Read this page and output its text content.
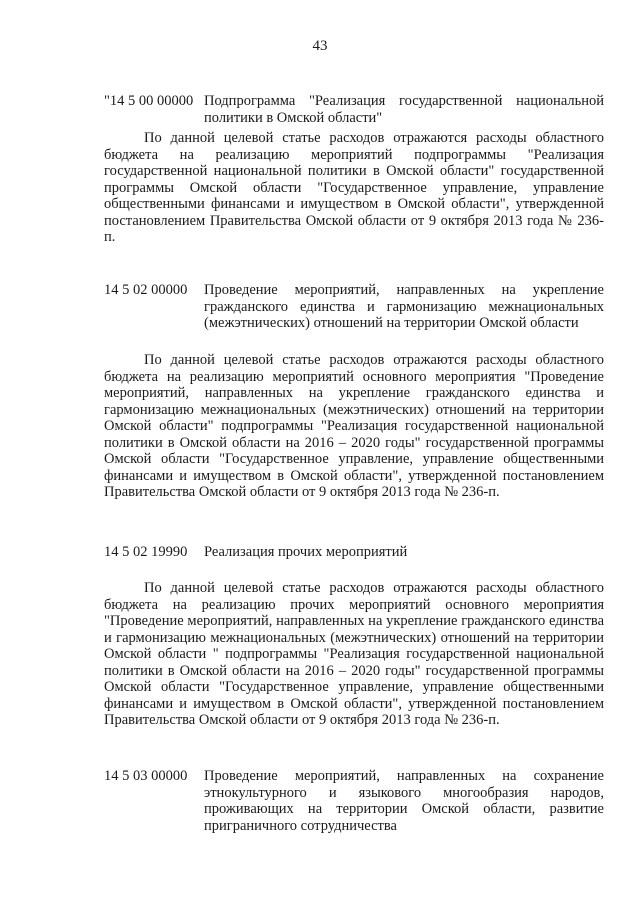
43
"14 5 00 00000 Подпрограмма "Реализация государственной национальной политики в Омской области"

По данной целевой статье расходов отражаются расходы областного бюджета на реализацию мероприятий подпрограммы "Реализация государственной национальной политики в Омской области" государственной программы Омской области "Государственное управление, управление общественными финансами и имуществом в Омской области", утвержденной постановлением Правительства Омской области от 9 октября 2013 года № 236-п.

14 5 02 00000	Проведение мероприятий, направленных на укрепление гражданского единства и гармонизацию межнациональных (межэтнических) отношений на территории Омской области

По данной целевой статье расходов отражаются расходы областного бюджета на реализацию мероприятий основного мероприятия "Проведение мероприятий, направленных на укрепление гражданского единства и гармонизацию межнациональных (межэтнических) отношений на территории Омской области" подпрограммы "Реализация государственной национальной политики в Омской области на 2016 – 2020 годы" государственной программы Омской области "Государственное управление, управление общественными финансами и имуществом в Омской области", утвержденной постановлением Правительства Омской области от 9 октября 2013 года № 236-п.

14 5 02 19990	Реализация прочих мероприятий

По данной целевой статье расходов отражаются расходы областного бюджета на реализацию прочих мероприятий основного мероприятия "Проведение мероприятий, направленных на укрепление гражданского единства и гармонизацию межнациональных (межэтнических) отношений на территории Омской области " подпрограммы "Реализация государственной национальной политики в Омской области на 2016 – 2020 годы" государственной программы Омской области "Государственное управление, управление общественными финансами и имуществом в Омской области", утвержденной постановлением Правительства Омской области от 9 октября 2013 года № 236-п.

14 5 03 00000	Проведение мероприятий, направленных на сохранение этнокультурного и языкового многообразия народов, проживающих на территории Омской области, развитие приграничного сотрудничества
